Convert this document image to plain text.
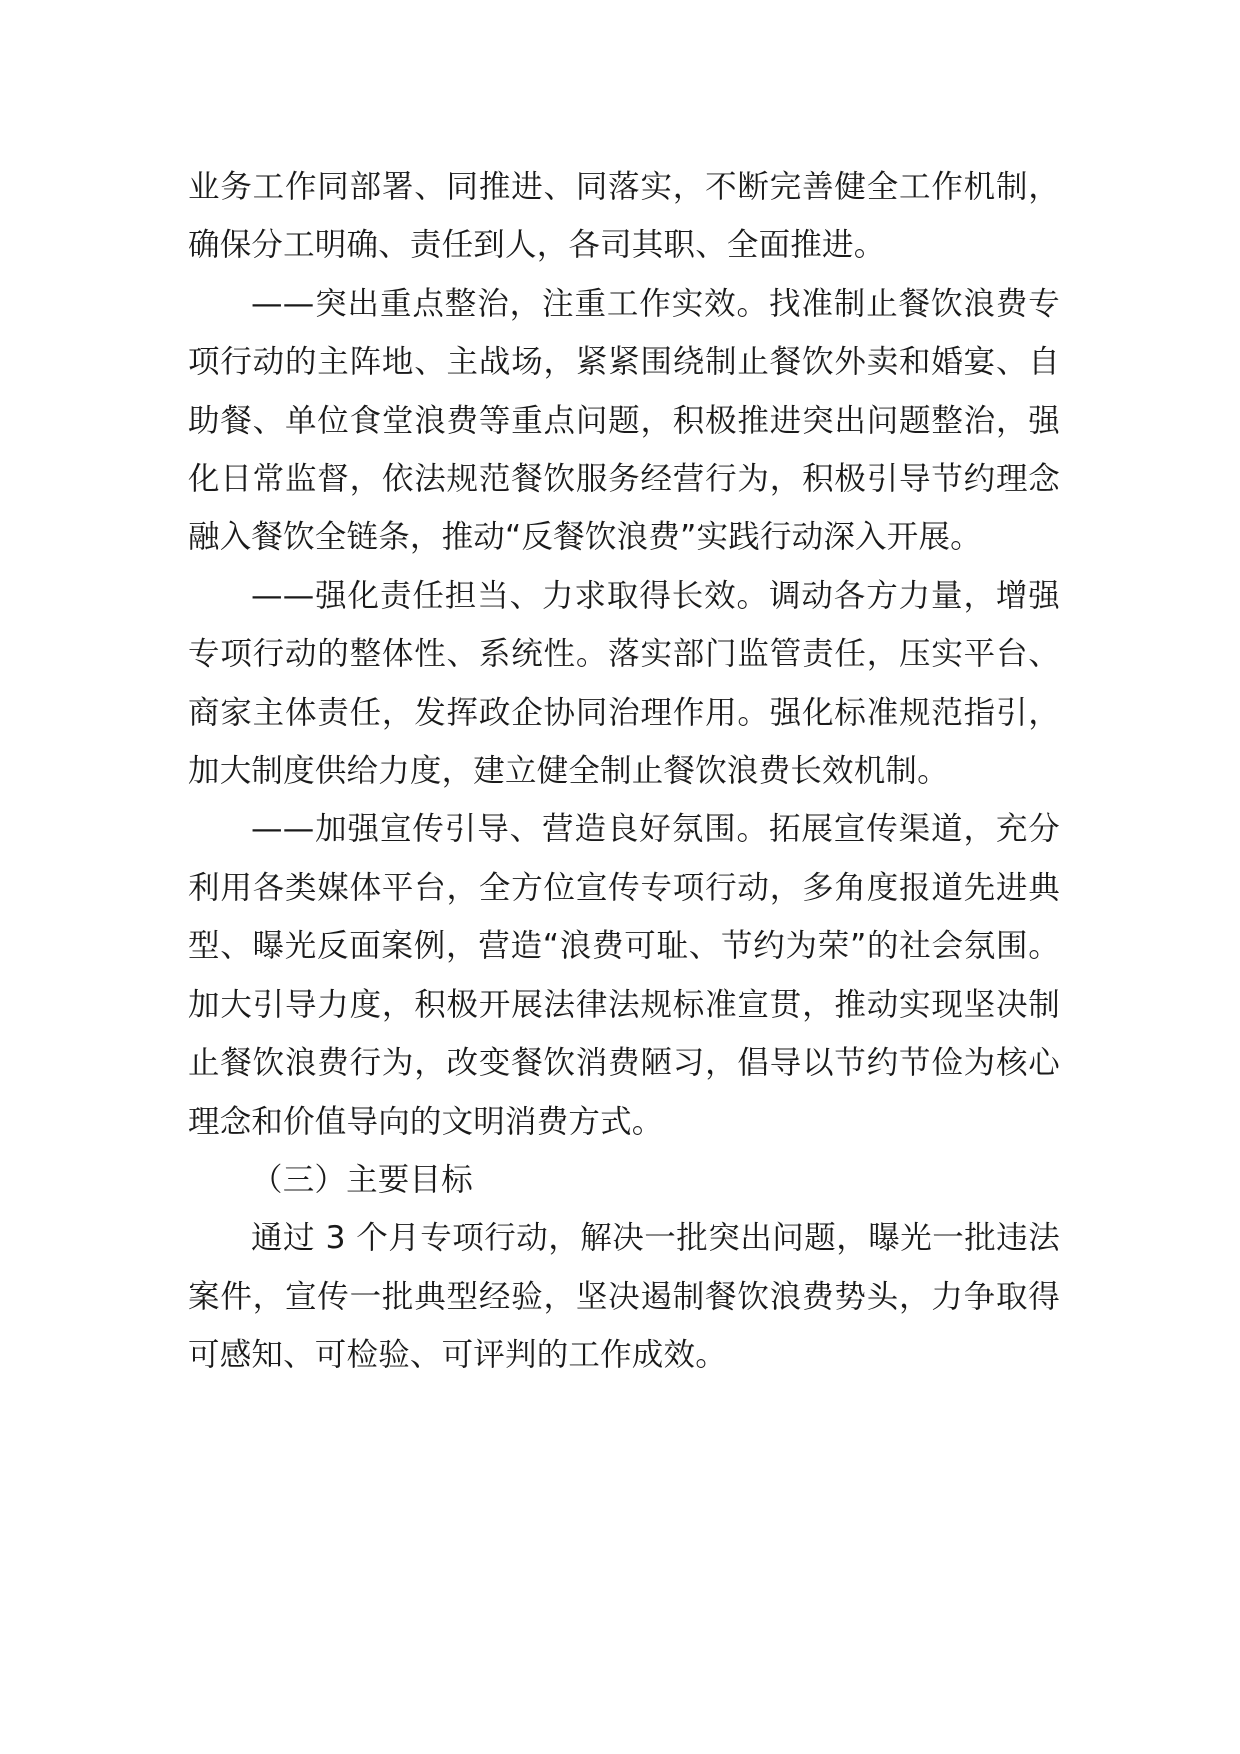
业务工作同部署、同推进、同落实，不断完善健全工作机制，确保分工明确、责任到人，各司其职、全面推进。

——突出重点整治，注重工作实效。找准制止餐饮浪费专项行动的主阵地、主战场，紧紧围绕制止餐饮外卖和婚宴、自助餐、单位食堂浪费等重点问题，积极推进突出问题整治，强化日常监督，依法规范餐饮服务经营行为，积极引导节约理念融入餐饮全链条，推动“反餐饮浪费”实践行动深入开展。

——强化责任担当、力求取得长效。调动各方力量，增强专项行动的整体性、系统性。落实部门监管责任，压实平台、商家主体责任，发挥政企协同治理作用。强化标准规范指引，加大制度供给力度，建立健全制止餐饮浪费长效机制。

——加强宣传引导、营造良好氛围。拓展宣传渠道，充分利用各类媒体平台，全方位宣传专项行动，多角度报道先进典型、曝光反面案例，营造“浪费可耻、节约为荣”的社会氛围。加大引导力度，积极开展法律法规标准宣贯，推动实现坚决制止餐饮浪费行为，改变餐饮消费陋习，倡导以节约节俭为核心理念和价值导向的文明消费方式。

（三）主要目标

通过 3 个月专项行动，解决一批突出问题，曝光一批违法案件，宣传一批典型经验，坚决遏制餐饮浪费势头，力争取得可感知、可检验、可评判的工作成效。
